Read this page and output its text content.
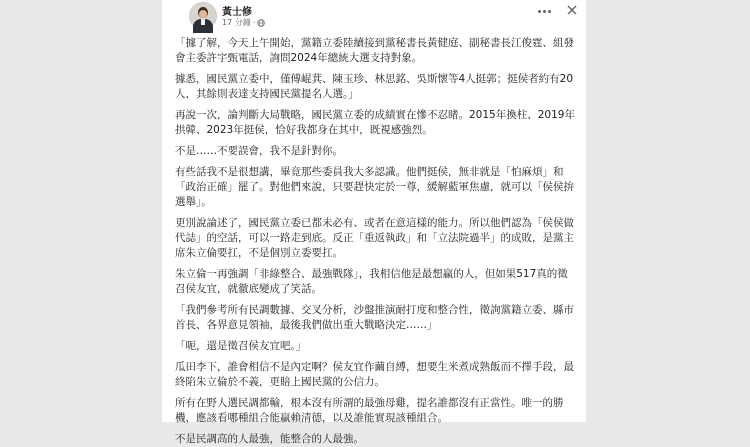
黃士修
17 分鐘 ·

「據了解，今天上午開始，黨籍立委陸續接到黨秘書長黃健庭、副秘書長江俊霆、組發會主委許宇甄電話，詢問2024年總統大選支持對象。

據悉，國民黨立委中，僅傅崐萁、陳玉珍、林思銘、吳斯懷等4人挺郭；挺侯者約有20人，其餘則表達支持國民黨提名人選。」

再說一次，論判斷大局戰略，國民黨立委的成績實在慘不忍睹。2015年換柱、2019年拱韓、2023年挺侯，恰好我都身在其中，既視感強烈。

不是……不要誤會，我不是針對你。

有些話我不是很想講，畢竟那些委員我大多認識。他們挺侯，無非就是「怕麻煩」和「政治正確」罷了。對他們來說，只要趕快定於一尊，緩解藍軍焦慮，就可以「侯侯拚選舉」。

更別說論述了，國民黨立委已都未必有、或者在意這樣的能力。所以他們認為「侯侯做代誌」的空話，可以一路走到底。反正「重返執政」和「立法院過半」的成敗，是黨主席朱立倫要扛，不是個別立委要扛。

朱立倫一再強調「非綠整合、最強戰隊」，我相信他是最想贏的人，但如果517真的徵召侯友宜，就徹底變成了笑話。

「我們參考所有民調數據、交叉分析，沙盤推演耐打度和整合性，徵詢黨籍立委、縣市首長、各界意見領袖，最後我們做出重大戰略決定……」

「呃，還是徵召侯友宜吧。」

瓜田李下，誰會相信不是內定啊？侯友宜作繭自縛，想要生米煮成熟飯而不擇手段，最終陷朱立倫於不義，更賠上國民黨的公信力。

所有在野人選民調都輸，根本沒有所謂的最強母雞，提名誰都沒有正當性。唯一的勝機，應該看哪種組合能贏賴清德，以及誰能實現該種組合。

不是民調高的人最強，能整合的人最強。
